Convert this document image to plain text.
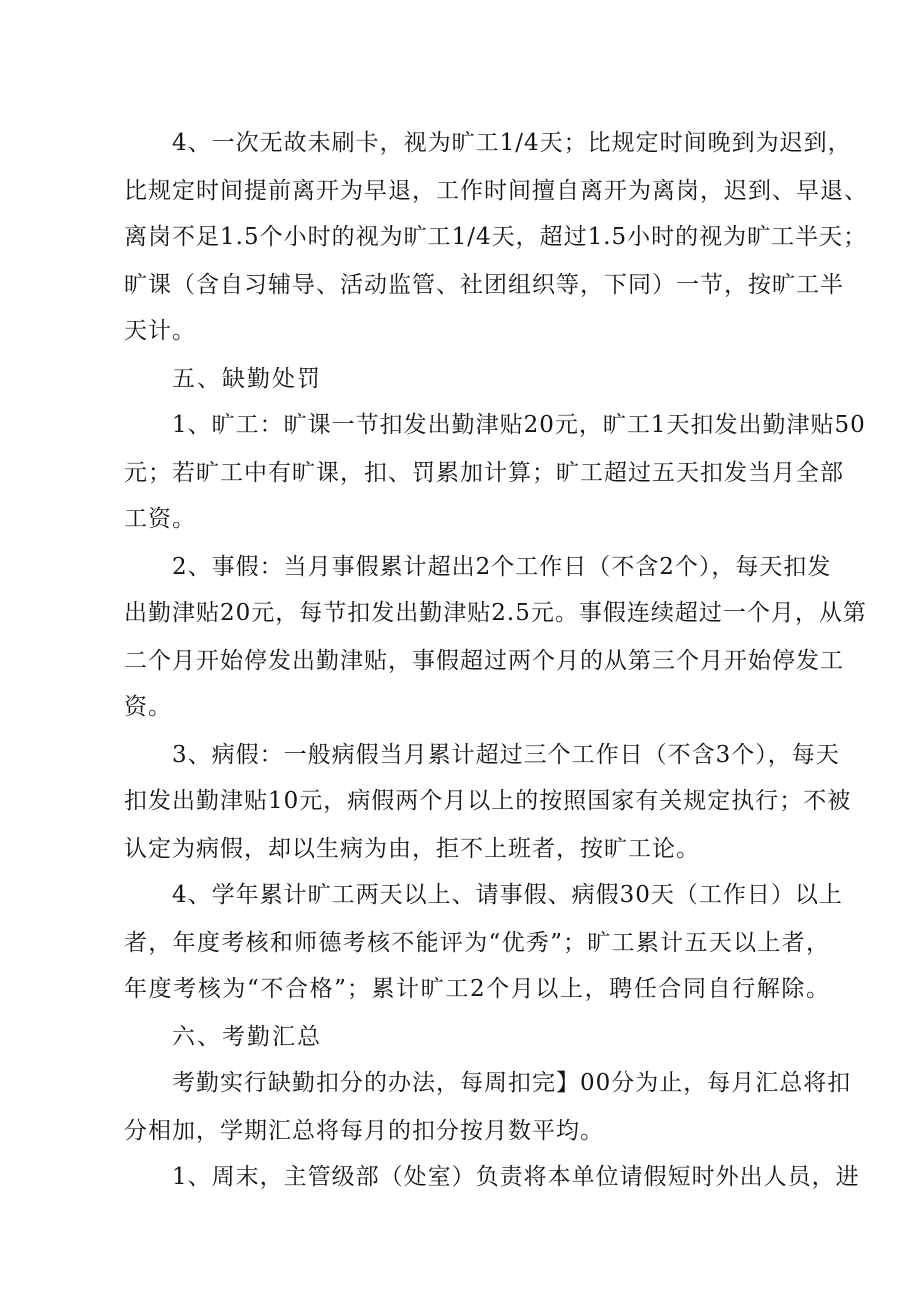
4、一次无故未刷卡，视为旷工1/4天；比规定时间晚到为迟到，
比规定时间提前离开为早退，工作时间擅自离开为离岗，迟到、早退、
离岗不足1.5个小时的视为旷工1/4天，超过1.5小时的视为旷工半天；
旷课（含自习辅导、活动监管、社团组织等，下同）一节，按旷工半
天计。
五、缺勤处罚
1、旷工：旷课一节扣发出勤津贴20元，旷工1天扣发出勤津贴50
元；若旷工中有旷课，扣、罚累加计算；旷工超过五天扣发当月全部
工资。
2、事假：当月事假累计超出2个工作日（不含2个），每天扣发
出勤津贴20元，每节扣发出勤津贴2.5元。事假连续超过一个月，从第
二个月开始停发出勤津贴，事假超过两个月的从第三个月开始停发工
资。
3、病假：一般病假当月累计超过三个工作日（不含3个），每天
扣发出勤津贴10元，病假两个月以上的按照国家有关规定执行；不被
认定为病假，却以生病为由，拒不上班者，按旷工论。
4、学年累计旷工两天以上、请事假、病假30天（工作日）以上
者，年度考核和师德考核不能评为“优秀”；旷工累计五天以上者，
年度考核为“不合格”；累计旷工2个月以上，聘任合同自行解除。
六、考勤汇总
考勤实行缺勤扣分的办法，每周扣完】00分为止，每月汇总将扣
分相加，学期汇总将每月的扣分按月数平均。
1、周末，主管级部（处室）负责将本单位请假短时外出人员，进
